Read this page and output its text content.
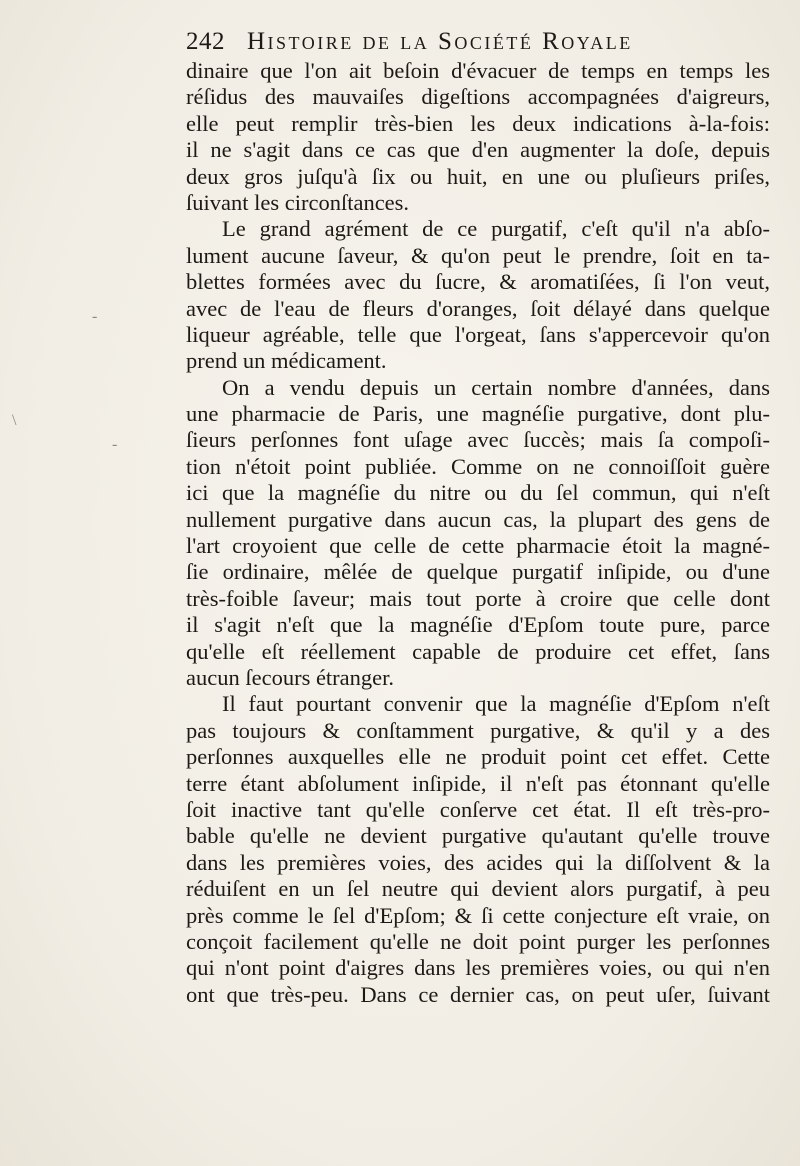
242 Histoire de la Société Royale
dinaire que l'on ait beſoin d'évacuer de temps en temps les
réſidus des mauvaiſes digeſtions accompagnées d'aigreurs,
elle peut remplir très-bien les deux indications à-la-fois:
il ne s'agit dans ce cas que d'en augmenter la doſe, depuis
deux gros juſqu'à ſix ou huit, en une ou pluſieurs priſes,
ſuivant les circonſtances.
Le grand agrément de ce purgatif, c'eſt qu'il n'a abſo-
lument aucune ſaveur, & qu'on peut le prendre, ſoit en ta-
blettes formées avec du ſucre, & aromatiſées, ſi l'on veut,
avec de l'eau de fleurs d'oranges, ſoit délayé dans quelque
liqueur agréable, telle que l'orgeat, ſans s'appercevoir qu'on
prend un médicament.
On a vendu depuis un certain nombre d'années, dans
une pharmacie de Paris, une magnéſie purgative, dont plu-
ſieurs perſonnes font uſage avec ſuccès; mais ſa compoſi-
tion n'étoit point publiée. Comme on ne connoiſſoit guère
ici que la magnéſie du nitre ou du ſel commun, qui n'eſt
nullement purgative dans aucun cas, la plupart des gens de
l'art croyoient que celle de cette pharmacie étoit la magné-
ſie ordinaire, mêlée de quelque purgatif inſipide, ou d'une
très-foible ſaveur; mais tout porte à croire que celle dont
il s'agit n'eſt que la magnéſie d'Epſom toute pure, parce
qu'elle eſt réellement capable de produire cet effet, ſans
aucun ſecours étranger.
Il faut pourtant convenir que la magnéſie d'Epſom n'eſt
pas toujours & conſtamment purgative, & qu'il y a des
perſonnes auxquelles elle ne produit point cet effet. Cette
terre étant abſolument inſipide, il n'eſt pas étonnant qu'elle
ſoit inactive tant qu'elle conſerve cet état. Il eſt très-pro-
bable qu'elle ne devient purgative qu'autant qu'elle trouve
dans les premières voies, des acides qui la diſſolvent & la
réduiſent en un ſel neutre qui devient alors purgatif, à peu
près comme le ſel d'Epſom; & ſi cette conjecture eſt vraie, on
conçoit facilement qu'elle ne doit point purger les perſonnes
qui n'ont point d'aigres dans les premières voies, ou qui n'en
ont que très-peu. Dans ce dernier cas, on peut uſer, ſuivant
-
-
\
